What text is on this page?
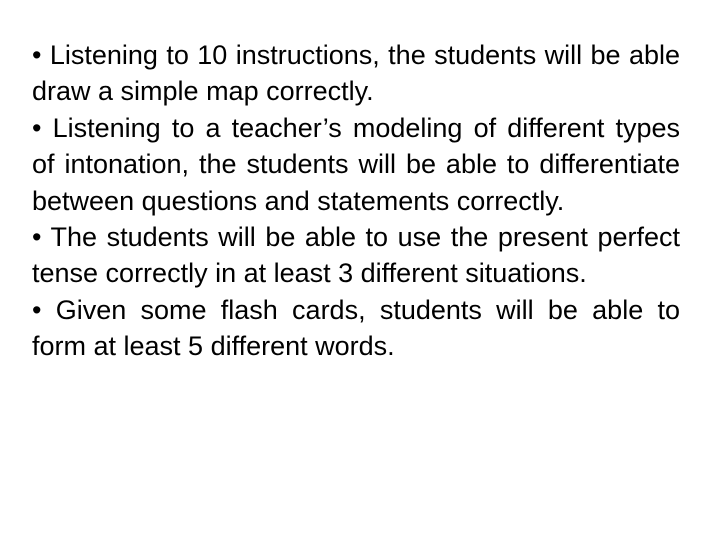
• Listening to 10 instructions, the students will be able draw a simple map correctly.

• Listening to a teacher’s modeling of different types of intonation, the students will be able to differentiate between questions and statements correctly.

• The students will be able to use the present perfect tense correctly in at least 3 different situations.

• Given some flash cards, students will be able to form at least 5 different words.
